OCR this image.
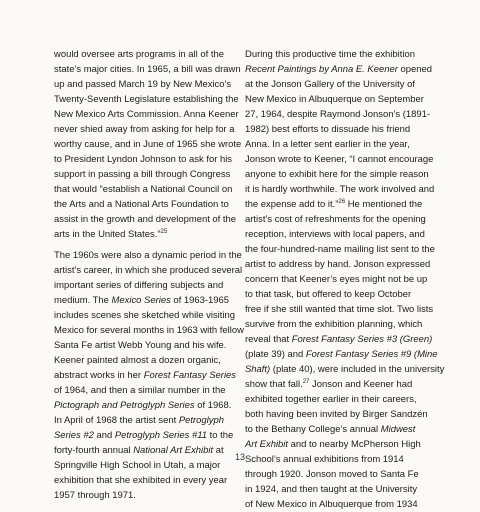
would oversee arts programs in all of the
state’s major cities. In 1965, a bill was drawn
up and passed March 19 by New Mexico’s
Twenty-Seventh Legislature establishing the
New Mexico Arts Commission. Anna Keener
never shied away from asking for help for a
worthy cause, and in June of 1965 she wrote
to President Lyndon Johnson to ask for his
support in passing a bill through Congress
that would “establish a National Council on
the Arts and a National Arts Foundation to
assist in the growth and development of the
arts in the United States.”$^{25}$
The 1960s were also a dynamic period in the
artist’s career, in which she produced several
important series of differing subjects and
medium. The Mexico Series of 1963-1965
includes scenes she sketched while visiting
Mexico for several months in 1963 with fellow
Santa Fe artist Webb Young and his wife.
Keener painted almost a dozen organic,
abstract works in her Forest Fantasy Series
of 1964, and then a similar number in the
Pictograph and Petroglyph Series of 1968.
In April of 1968 the artist sent Petroglyph
Series #2 and Petroglyph Series #11 to the
forty-fourth annual National Art Exhibit at
Springville High School in Utah, a major
exhibition that she exhibited in every year
1957 through 1971.
During this productive time the exhibition
Recent Paintings by Anna E. Keener opened
at the Jonson Gallery of the University of
New Mexico in Albuquerque on September
27, 1964, despite Raymond Jonson’s (1891-
1982) best efforts to dissuade his friend
Anna. In a letter sent earlier in the year,
Jonson wrote to Keener, “I cannot encourage
anyone to exhibit here for the simple reason
it is hardly worthwhile. The work involved and
the expense add to it.”$^{26}$ He mentioned the
artist’s cost of refreshments for the opening
reception, interviews with local papers, and
the four-hundred-name mailing list sent to the
artist to address by hand. Jonson expressed
concern that Keener’s eyes might not be up
to that task, but offered to keep October
free if she still wanted that time slot. Two lists
survive from the exhibition planning, which
reveal that Forest Fantasy Series #3 (Green)
(plate 39) and Forest Fantasy Series #9 (Mine
Shaft) (plate 40), were included in the university
show that fall.$^{27}$ Jonson and Keener had
exhibited together earlier in their careers,
both having been invited by Birger Sandzén
to the Bethany College’s annual Midwest
Art Exhibit and to nearby McPherson High
School’s annual exhibitions from 1914
through 1920. Jonson moved to Santa Fe
in 1924, and then taught at the University
of New Mexico in Albuquerque from 1934
13
